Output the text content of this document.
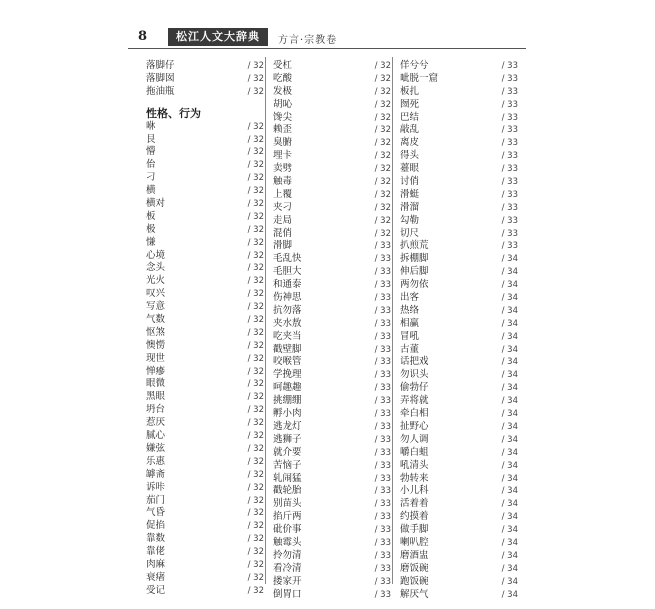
8	松江人文大辞典	方言·宗教卷
落脚仔	/ 32
落脚囡	/ 32
拖油瓶	/ 32
性格、行为
咻	/ 32
艮	/ 32
懵	/ 32
佁	/ 32
刁	/ 32
横	/ 32
横对	/ 32
板	/ 32
极	/ 32
慊	/ 32
心境	/ 32
念头	/ 32
光火	/ 32
叹兴	/ 32
写意	/ 32
气数	/ 32
怄煞	/ 32
懊憦	/ 32
现世	/ 32
惮瘮	/ 32
眼微	/ 32
黑眼	/ 32
坍台	/ 32
惹厌	/ 32
腻心	/ 32
嫌弦	/ 32
乐惠	/ 32
罅斋	/ 32
诉咔	/ 32
茄门	/ 32
气昏	/ 32
促掐	/ 32
靠数	/ 32
靠佬	/ 32
肉麻	/ 32
衰瘏	/ 32
受记	/ 32
受杠	/ 32
吃酸	/ 32
发极	/ 32
胡吣	/ 32
馋尖	/ 32
赖歪	/ 32
臭腑	/ 32
埋卡	/ 32
卖劈	/ 32
触毒	/ 32
上覆	/ 32
夹刁	/ 32
走局	/ 32
混俏	/ 32
滑脚	/ 33
毛乱快	/ 33
毛胆大	/ 33
和通泰	/ 33
伤神思	/ 33
抗勿落	/ 33
夹水敖	/ 33
吃夹当	/ 33
戳壁脚	/ 33
咬喉管	/ 33
学挽理	/ 33
呵趣趣	/ 33
挑绷绷	/ 33
孵小肉	/ 33
逃龙灯	/ 33
逃狮子	/ 33
就介要	/ 33
苦恼子	/ 33
轧闹猛	/ 33
戳轮胎	/ 33
别苗头	/ 33
掐斤两	/ 33
砒价事	/ 33
触霉头	/ 33
拎勿清	/ 33
看冷清	/ 33
搂家开	/ 33
倒胃口	/ 33
佯兮兮	/ 33
呲脱一窟	/ 33
板扎	/ 33
囫死	/ 33
巴结	/ 33
敲乱	/ 33
离皮	/ 33
得头	/ 33
薹眼	/ 33
讨俏	/ 33
滑蜓	/ 33
滑溜	/ 33
勾勒	/ 33
切尺	/ 33
扒煎荒	/ 33
拆棚脚	/ 34
伸后脚	/ 34
两勿依	/ 34
出客	/ 34
热络	/ 34
相赢	/ 34
冒吼	/ 34
古董	/ 34
话把戏	/ 34
勿识头	/ 34
偷勃仔	/ 34
弄将就	/ 34
牵白相	/ 34
扯野心	/ 34
勿人调	/ 34
嚼白蛆	/ 34
吼清头	/ 34
勃转来	/ 34
小儿科	/ 34
活着着	/ 34
约摸着	/ 34
做手脚	/ 34
喇叭腔	/ 34
磨酒盅	/ 34
磨饭碗	/ 34
跑饭碗	/ 34
解厌气	/ 34
